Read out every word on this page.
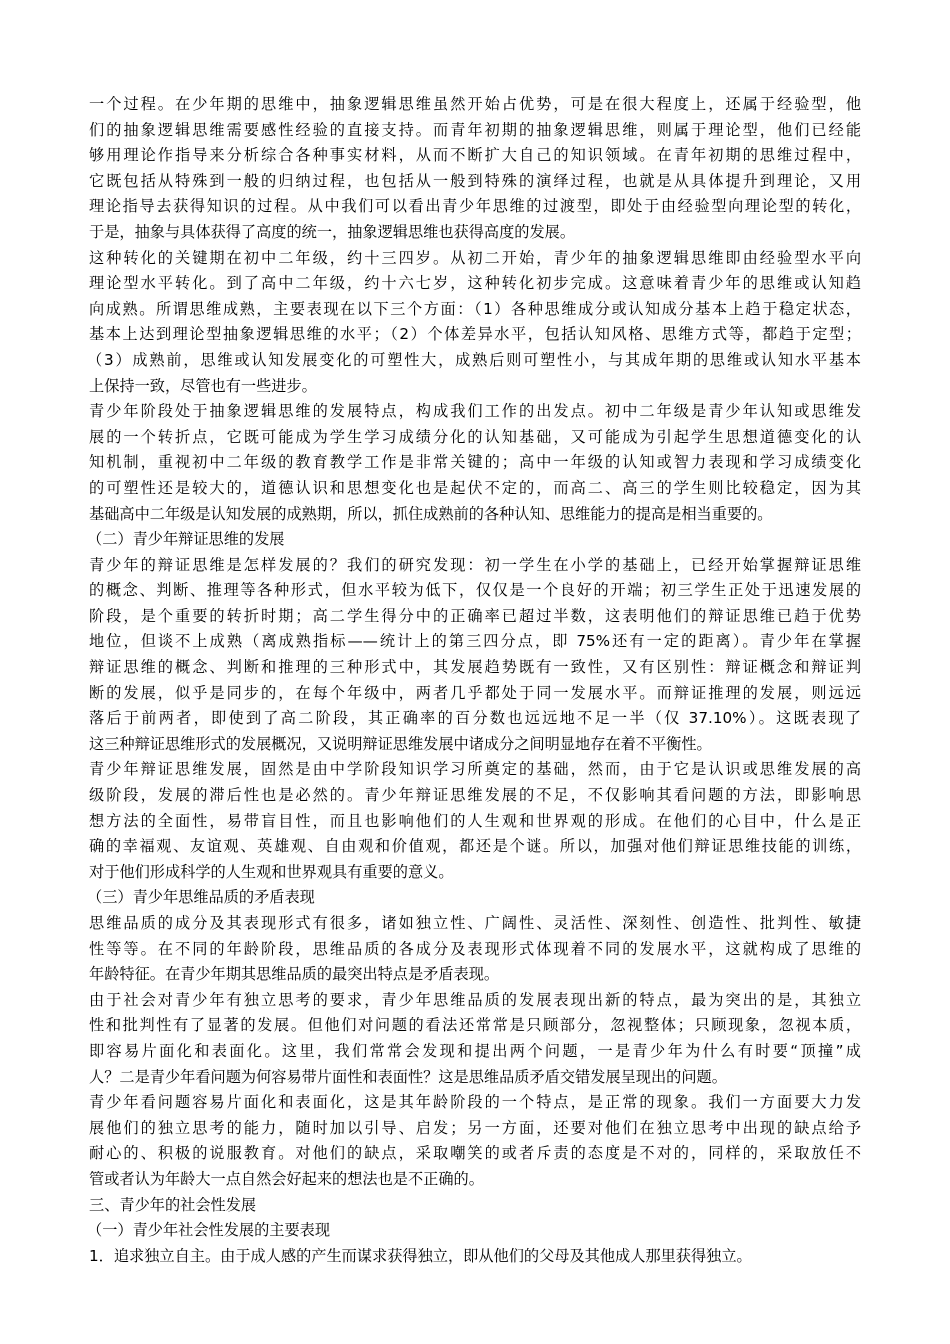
一个过程。在少年期的思维中，抽象逻辑思维虽然开始占优势，可是在很大程度上，还属于经验型，他
们的抽象逻辑思维需要感性经验的直接支持。而青年初期的抽象逻辑思维，则属于理论型，他们已经能
够用理论作指导来分析综合各种事实材料，从而不断扩大自己的知识领域。在青年初期的思维过程中，
它既包括从特殊到一般的归纳过程，也包括从一般到特殊的演绎过程，也就是从具体提升到理论，又用
理论指导去获得知识的过程。从中我们可以看出青少年思维的过渡型，即处于由经验型向理论型的转化，
于是，抽象与具体获得了高度的统一，抽象逻辑思维也获得高度的发展。
这种转化的关键期在初中二年级，约十三四岁。从初二开始，青少年的抽象逻辑思维即由经验型水平向
理论型水平转化。到了高中二年级，约十六七岁，这种转化初步完成。这意味着青少年的思维或认知趋
向成熟。所谓思维成熟，主要表现在以下三个方面：（1）各种思维成分或认知成分基本上趋于稳定状态，
基本上达到理论型抽象逻辑思维的水平；（2）个体差异水平，包括认知风格、思维方式等，都趋于定型；
（3）成熟前，思维或认知发展变化的可塑性大，成熟后则可塑性小，与其成年期的思维或认知水平基本
上保持一致，尽管也有一些进步。
青少年阶段处于抽象逻辑思维的发展特点，构成我们工作的出发点。初中二年级是青少年认知或思维发
展的一个转折点，它既可能成为学生学习成绩分化的认知基础，又可能成为引起学生思想道德变化的认
知机制，重视初中二年级的教育教学工作是非常关键的；高中一年级的认知或智力表现和学习成绩变化
的可塑性还是较大的，道德认识和思想变化也是起伏不定的，而高二、高三的学生则比较稳定，因为其
基础高中二年级是认知发展的成熟期，所以，抓住成熟前的各种认知、思维能力的提高是相当重要的。
（二）青少年辩证思维的发展
青少年的辩证思维是怎样发展的？我们的研究发现：初一学生在小学的基础上，已经开始掌握辩证思维
的概念、判断、推理等各种形式，但水平较为低下，仅仅是一个良好的开端；初三学生正处于迅速发展的
阶段，是个重要的转折时期；高二学生得分中的正确率已超过半数，这表明他们的辩证思维已趋于优势
地位，但谈不上成熟（离成熟指标——统计上的第三四分点，即 75%还有一定的距离）。青少年在掌握
辩证思维的概念、判断和推理的三种形式中，其发展趋势既有一致性，又有区别性：辩证概念和辩证判
断的发展，似乎是同步的，在每个年级中，两者几乎都处于同一发展水平。而辩证推理的发展，则远远
落后于前两者，即使到了高二阶段，其正确率的百分数也远远地不足一半（仅 37.10%）。这既表现了
这三种辩证思维形式的发展概况，又说明辩证思维发展中诸成分之间明显地存在着不平衡性。
青少年辩证思维发展，固然是由中学阶段知识学习所奠定的基础，然而，由于它是认识或思维发展的高
级阶段，发展的滞后性也是必然的。青少年辩证思维发展的不足，不仅影响其看问题的方法，即影响思
想方法的全面性，易带盲目性，而且也影响他们的人生观和世界观的形成。在他们的心目中，什么是正
确的幸福观、友谊观、英雄观、自由观和价值观，都还是个谜。所以，加强对他们辩证思维技能的训练，
对于他们形成科学的人生观和世界观具有重要的意义。
（三）青少年思维品质的矛盾表现
思维品质的成分及其表现形式有很多，诸如独立性、广阔性、灵活性、深刻性、创造性、批判性、敏捷
性等等。在不同的年龄阶段，思维品质的各成分及表现形式体现着不同的发展水平，这就构成了思维的
年龄特征。在青少年期其思维品质的最突出特点是矛盾表现。
由于社会对青少年有独立思考的要求，青少年思维品质的发展表现出新的特点，最为突出的是，其独立
性和批判性有了显著的发展。但他们对问题的看法还常常是只顾部分，忽视整体；只顾现象，忽视本质，
即容易片面化和表面化。这里，我们常常会发现和提出两个问题，一是青少年为什么有时要“顶撞”成
人？二是青少年看问题为何容易带片面性和表面性？这是思维品质矛盾交错发展呈现出的问题。
青少年看问题容易片面化和表面化，这是其年龄阶段的一个特点，是正常的现象。我们一方面要大力发
展他们的独立思考的能力，随时加以引导、启发；另一方面，还要对他们在独立思考中出现的缺点给予
耐心的、积极的说服教育。对他们的缺点，采取嘲笑的或者斥责的态度是不对的，同样的，采取放任不
管或者认为年龄大一点自然会好起来的想法也是不正确的。
三、青少年的社会性发展
（一）青少年社会性发展的主要表现
1．追求独立自主。由于成人感的产生而谋求获得独立，即从他们的父母及其他成人那里获得独立。
